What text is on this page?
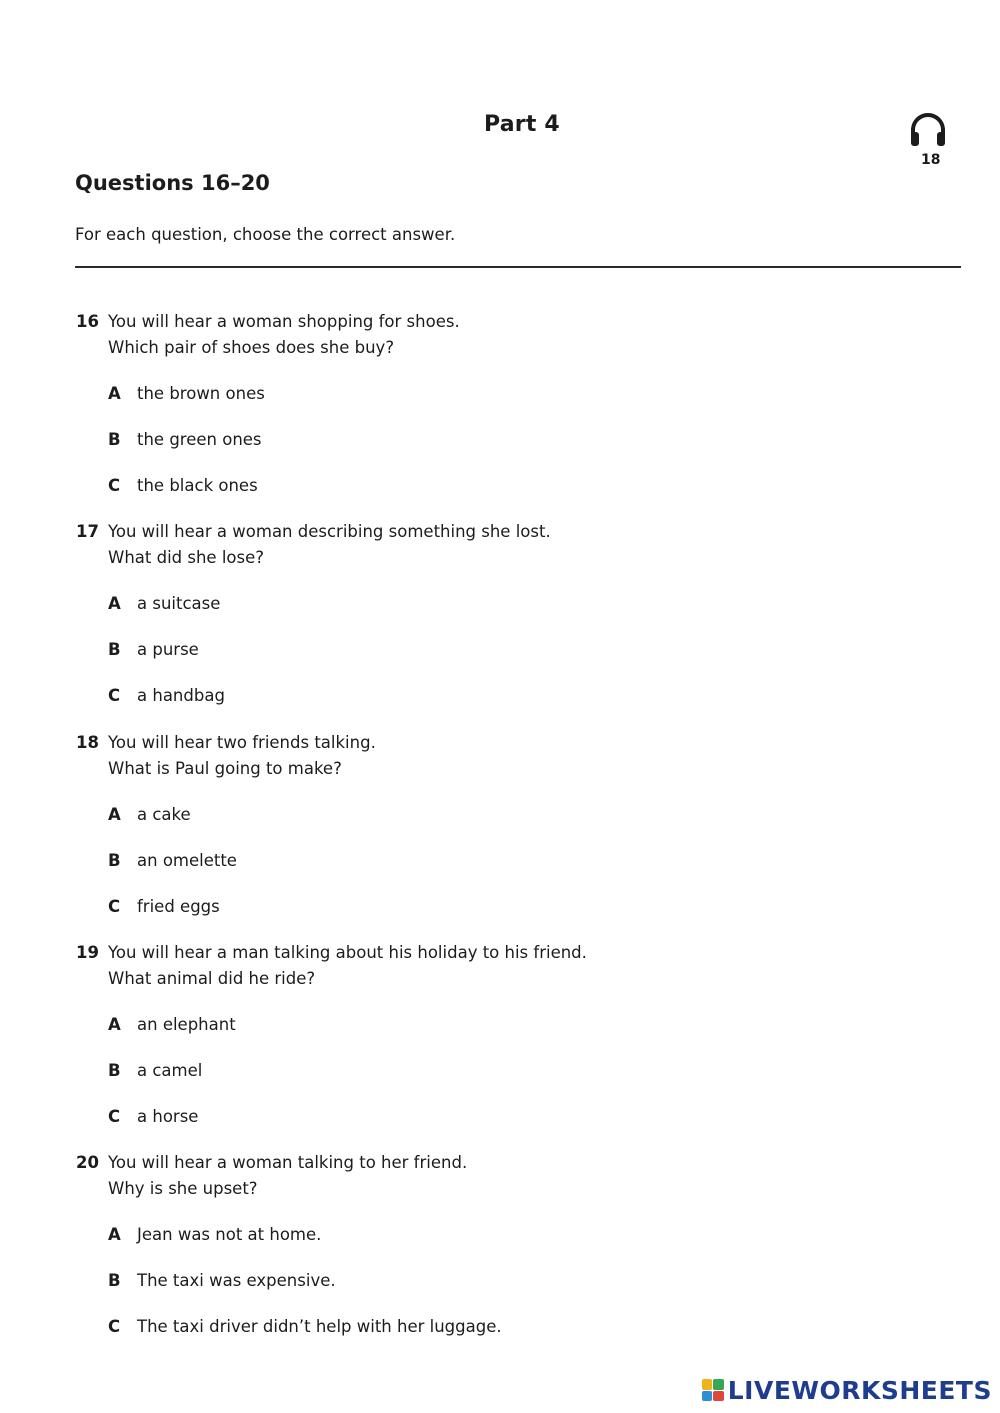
Part 4
18
Questions 16–20
For each question, choose the correct answer.
16 You will hear a woman shopping for shoes.
Which pair of shoes does she buy?
A the brown ones
B the green ones
C the black ones
17 You will hear a woman describing something she lost.
What did she lose?
A a suitcase
B a purse
C a handbag
18 You will hear two friends talking.
What is Paul going to make?
A a cake
B an omelette
C fried eggs
19 You will hear a man talking about his holiday to his friend.
What animal did he ride?
A an elephant
B a camel
C a horse
20 You will hear a woman talking to her friend.
Why is she upset?
A Jean was not at home.
B The taxi was expensive.
C The taxi driver didn’t help with her luggage.
LIVEWORKSHEETS
